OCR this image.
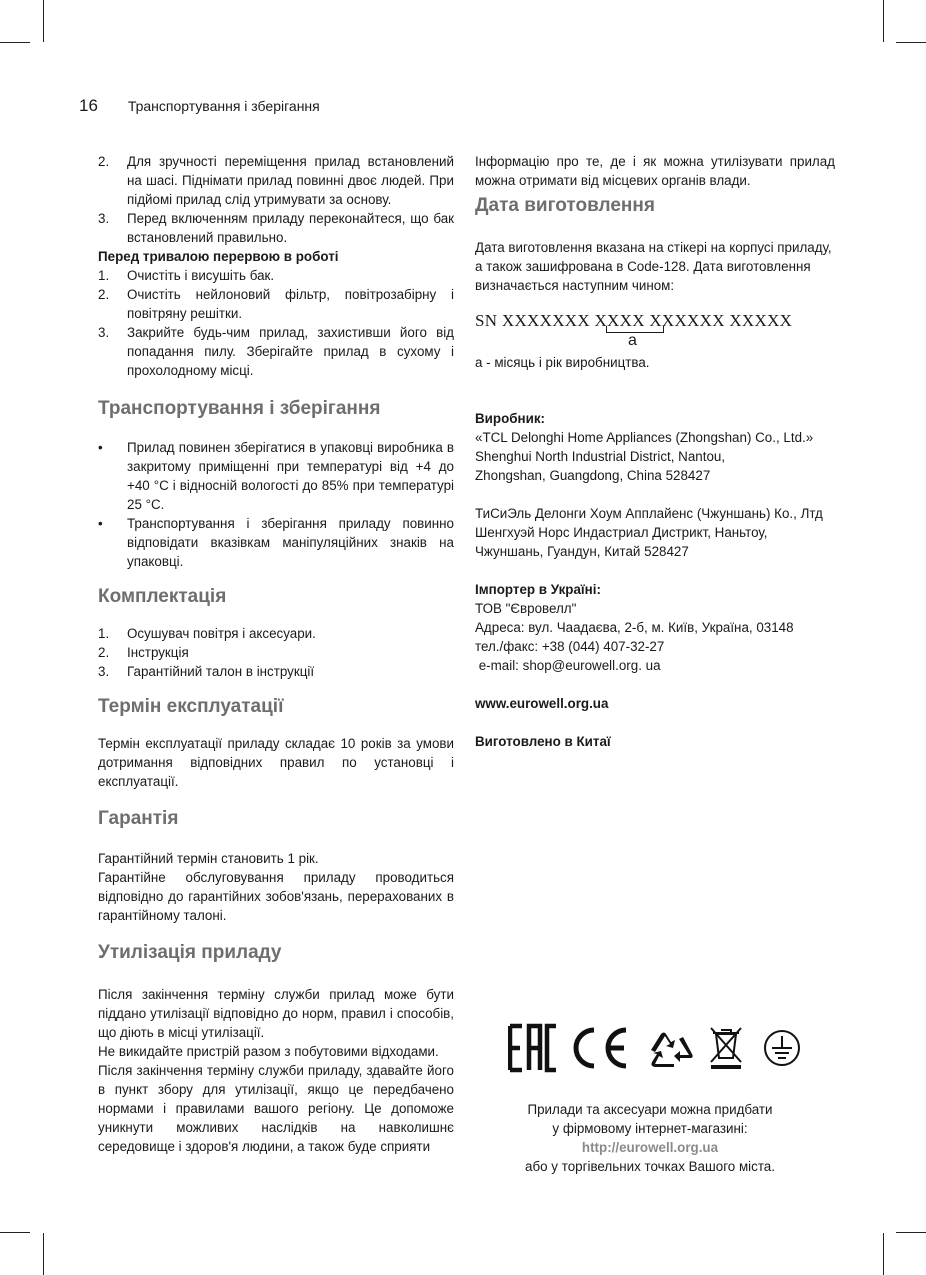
16 Транспортування і зберігання
2. Для зручності переміщення прилад встановлений на шасі. Піднімати прилад повинні двоє людей. При підйомі прилад слід утримувати за основу.
3. Перед включенням приладу переконайтеся, що бак встановлений правильно.

Перед тривалою перервою в роботі

1. Очистіть і висушіть бак.
2. Очистіть нейлоновий фільтр, повітрозабірну і повітряну решітки.
3. Закрийте будь-чим прилад, захистивши його від попадання пилу. Зберігайте прилад в сухому і прохолодному місці.
Транспортування і зберігання
• Прилад повинен зберігатися в упаковці виробника в закритому приміщенні при температурі від +4 до +40 °C і відносній вологості до 85% при температурі 25 °C.
• Транспортування і зберігання приладу повинно відповідати вказівкам маніпуляційних знаків на упаковці.
Комплектація
1. Осушувач повітря і аксесуари.
2. Інструкція
3. Гарантійний талон в інструкції
Термін експлуатації

Термін експлуатації приладу складає 10 років за умови дотримання відповідних правил по установці і експлуатації.

Гарантія

Гарантійний термін становить 1 рік.

Гарантійне обслуговування приладу проводиться відповідно до гарантійних зобов'язань, перерахованих в гарантійному талоні.

Утилізація приладу

Після закінчення терміну служби прилад може бути підданo утилізації відповідно до норм, правил і способів, що діють в місці утилізації.

Не викидайте пристрій разом з побутовими відходами.

Після закінчення терміну служби приладу, здавайте його в пункт збору для утилізації, якщо це передбачено нормами і правилами вашого регіону. Це допоможе уникнути можливих наслідків на навколишнє середовище і здоров'я людини, а також буде сприяти

Інформацію про те, де і як можна утилізувати прилад можна отримати від місцевих органів влади.

Дата виготовлення

Дата виготовлення вказана на стікері на корпусі приладу, а також зашифрована в Code-128. Дата виготовлення визначається наступним чином:

SN XXXXXXX XXXX XXXXXX XXXXX
a

a - місяць і рік виробництва.

Виробник:

«TCL Delonghi Home Appliances (Zhongshan) Co., Ltd.»

Shenghui North Industrial District, Nantou,

Zhongshan, Guangdong, China 528427

ТиСиЭль Делонги Хоум Апплайенс (Чжуншань) Ко., Лтд

Шенгхуэй Норс Индастриал Дистрикт, Наньтоу,

Чжуншань, Гуандун, Китай 528427

Імпортер в Україні:

ТОВ "Євровелл"

Адреса: вул. Чаадаєва, 2-б, м. Київ, Україна, 03148

тел./факс: +38 (044) 407-32-27

e-mail: shop@eurowell.org. ua

www.eurowell.org.ua

Виготовлено в Китаї

Прилади та аксесуари можна придбати
у фірмовому інтернет-магазині:
http://eurowell.org.ua
або у торгівельних точках Вашого міста.
